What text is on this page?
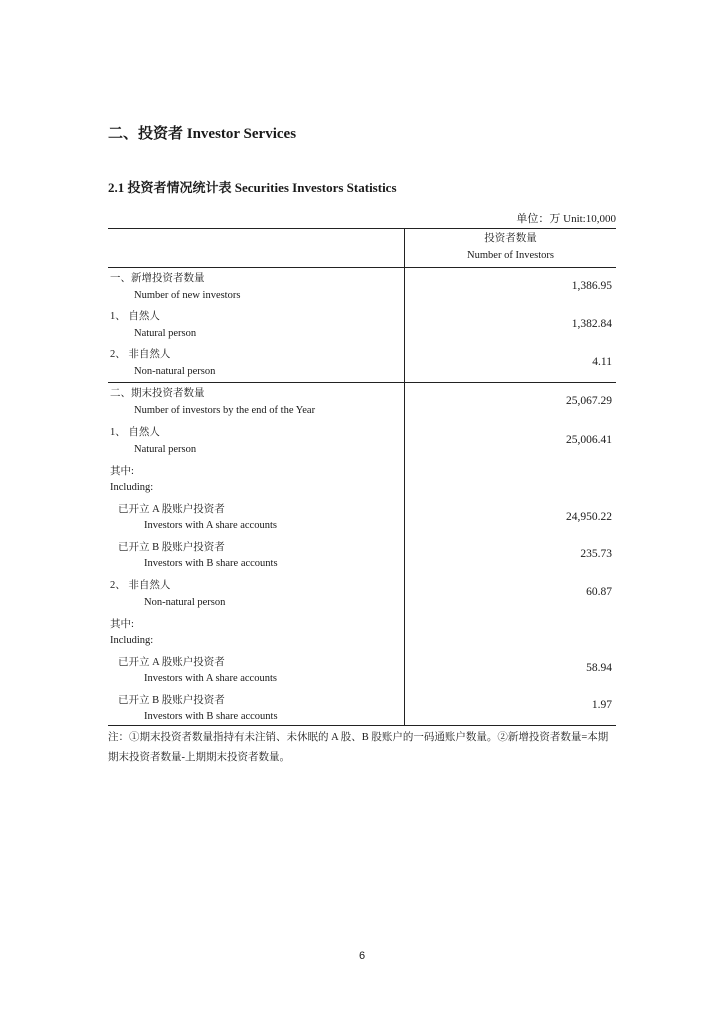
二、投资者 Investor Services
2.1 投资者情况统计表 Securities Investors Statistics
单位：万 Unit:10,000
投资者数量
Number of Investors
一、新增投资者数量
Number of new investors
1,386.95
1、 自然人
Natural person
1,382.84
2、 非自然人
Non-natural person
4.11
二、期末投资者数量
Number of investors by the end of the Year
25,067.29
1、 自然人
Natural person
25,006.41
其中:
Including:
已开立 A 股账户投资者
Investors with A share accounts
24,950.22
已开立 B 股账户投资者
Investors with B share accounts
235.73
2、 非自然人
Non-natural person
60.87
其中:
Including:
已开立 A 股账户投资者
Investors with A share accounts
58.94
已开立 B 股账户投资者
Investors with B share accounts
1.97
注：①期末投资者数量指持有未注销、未休眠的 A 股、B 股账户的一码通账户数量。②新增投资者数量=本期期末投资者数量-上期期末投资者数量。
6
